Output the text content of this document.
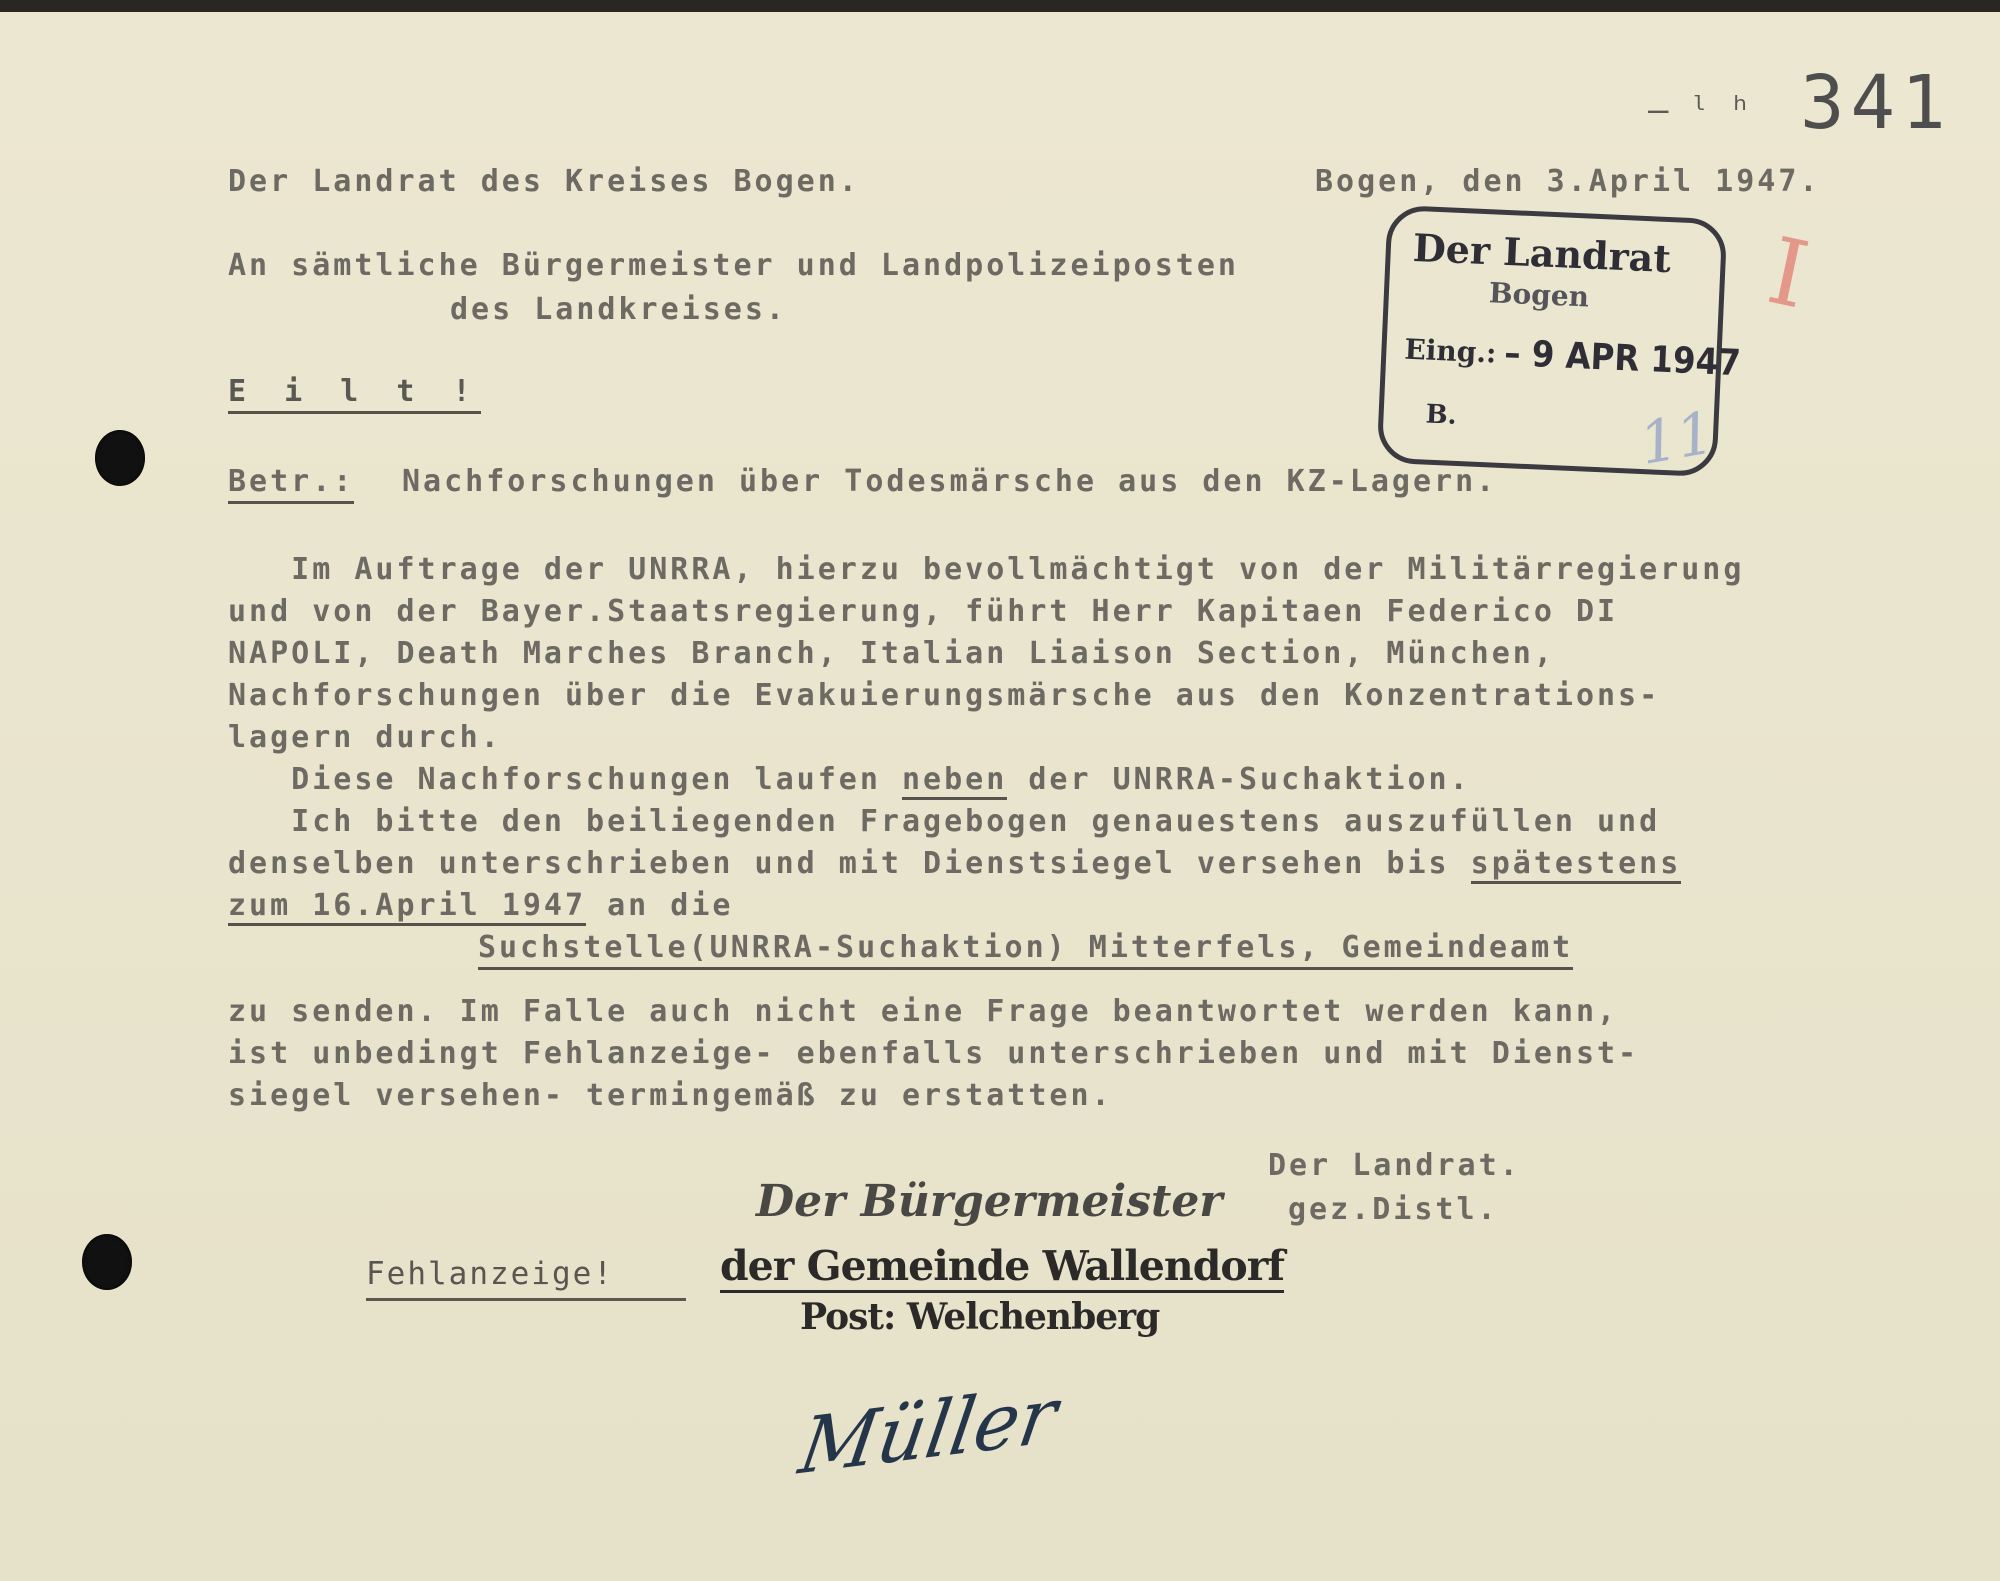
– ˡ ʰ 341
Der Landrat des Kreises Bogen.	Bogen, den 3.April 1947.
An sämtliche Bürgermeister und Landpolizeiposten
des Landkreises.
E i l t !
Betr.: Nachforschungen über Todesmärsche aus den KZ-Lagern.
Im Auftrage der UNRRA, hierzu bevollmächtigt von der Militärregierung
und von der Bayer.Staatsregierung, führt Herr Kapitaen Federico DI
NAPOLI, Death Marches Branch, Italian Liaison Section, München,
Nachforschungen über die Evakuierungsmärsche aus den Konzentrations-
lagern durch.
Diese Nachforschungen laufen neben der UNRRA-Suchaktion.
Ich bitte den beiliegenden Fragebogen genauestens auszufüllen und
denselben unterschrieben und mit Dienstsiegel versehen bis spätestens
zum 16.April 1947 an die
Suchstelle(UNRRA-Suchaktion) Mitterfels, Gemeindeamt
zu senden. Im Falle auch nicht eine Frage beantwortet werden kann,
ist unbedingt Fehlanzeige- ebenfalls unterschrieben und mit Dienst-
siegel versehen- termingemäß zu erstatten.
Der Landrat.
gez.Distl.
Der Landrat
Bogen
Eing.: – 9 APR 1947
B.
I
11
Fehlanzeige!
Der Bürgermeister
der Gemeinde Wallendorf
Post: Welchenberg
Müller
